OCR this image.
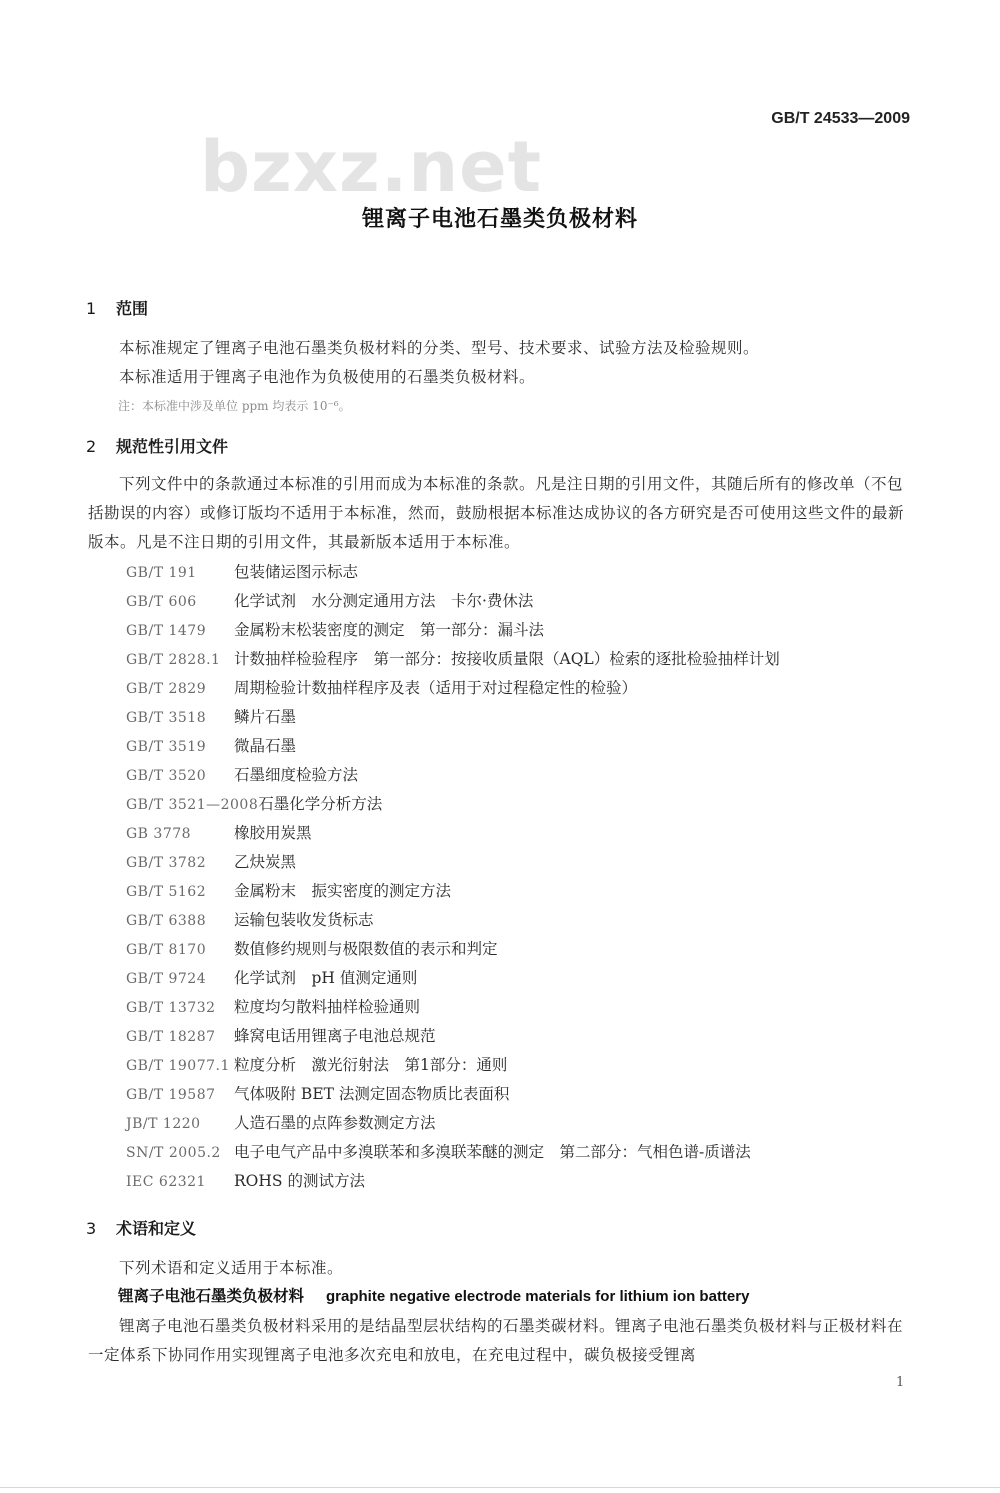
GB/T 24533—2009
bzxz.net
锂离子电池石墨类负极材料
1 范围
本标准规定了锂离子电池石墨类负极材料的分类、型号、技术要求、试验方法及检验规则。
本标准适用于锂离子电池作为负极使用的石墨类负极材料。
注：本标准中涉及单位 ppm 均表示 10⁻⁶。
2 规范性引用文件
下列文件中的条款通过本标准的引用而成为本标准的条款。凡是注日期的引用文件，其随后所有的修改单（不包括勘误的内容）或修订版均不适用于本标准，然而，鼓励根据本标准达成协议的各方研究是否可使用这些文件的最新版本。凡是不注日期的引用文件，其最新版本适用于本标准。
GB/T 191 包装储运图示标志
GB/T 606 化学试剂　水分测定通用方法　卡尔·费休法
GB/T 1479 金属粉末松装密度的测定　第一部分：漏斗法
GB/T 2828.1 计数抽样检验程序　第一部分：按接收质量限（AQL）检索的逐批检验抽样计划
GB/T 2829 周期检验计数抽样程序及表（适用于对过程稳定性的检验）
GB/T 3518 鳞片石墨
GB/T 3519 微晶石墨
GB/T 3520 石墨细度检验方法
GB/T 3521—2008石墨化学分析方法
GB 3778	橡胶用炭黑
GB/T 3782 乙炔炭黑
GB/T 5162 金属粉末　振实密度的测定方法
GB/T 6388 运输包装收发货标志
GB/T 8170 数值修约规则与极限数值的表示和判定
GB/T 9724 化学试剂　pH 值测定通则
GB/T 13732 粒度均匀散料抽样检验通则
GB/T 18287 蜂窝电话用锂离子电池总规范
GB/T 19077.1 粒度分析　激光衍射法　第1部分：通则
GB/T 19587 气体吸附 BET 法测定固态物质比表面积
JB/T 1220 人造石墨的点阵参数测定方法
SN/T 2005.2 电子电气产品中多溴联苯和多溴联苯醚的测定　第二部分：气相色谱-质谱法
IEC 62321 ROHS 的测试方法
3 术语和定义
下列术语和定义适用于本标准。
锂离子电池石墨类负极材料 graphite negative electrode materials for lithium ion battery
锂离子电池石墨类负极材料采用的是结晶型层状结构的石墨类碳材料。锂离子电池石墨类负极材料与正极材料在一定体系下协同作用实现锂离子电池多次充电和放电，在充电过程中，碳负极接受锂离
1
